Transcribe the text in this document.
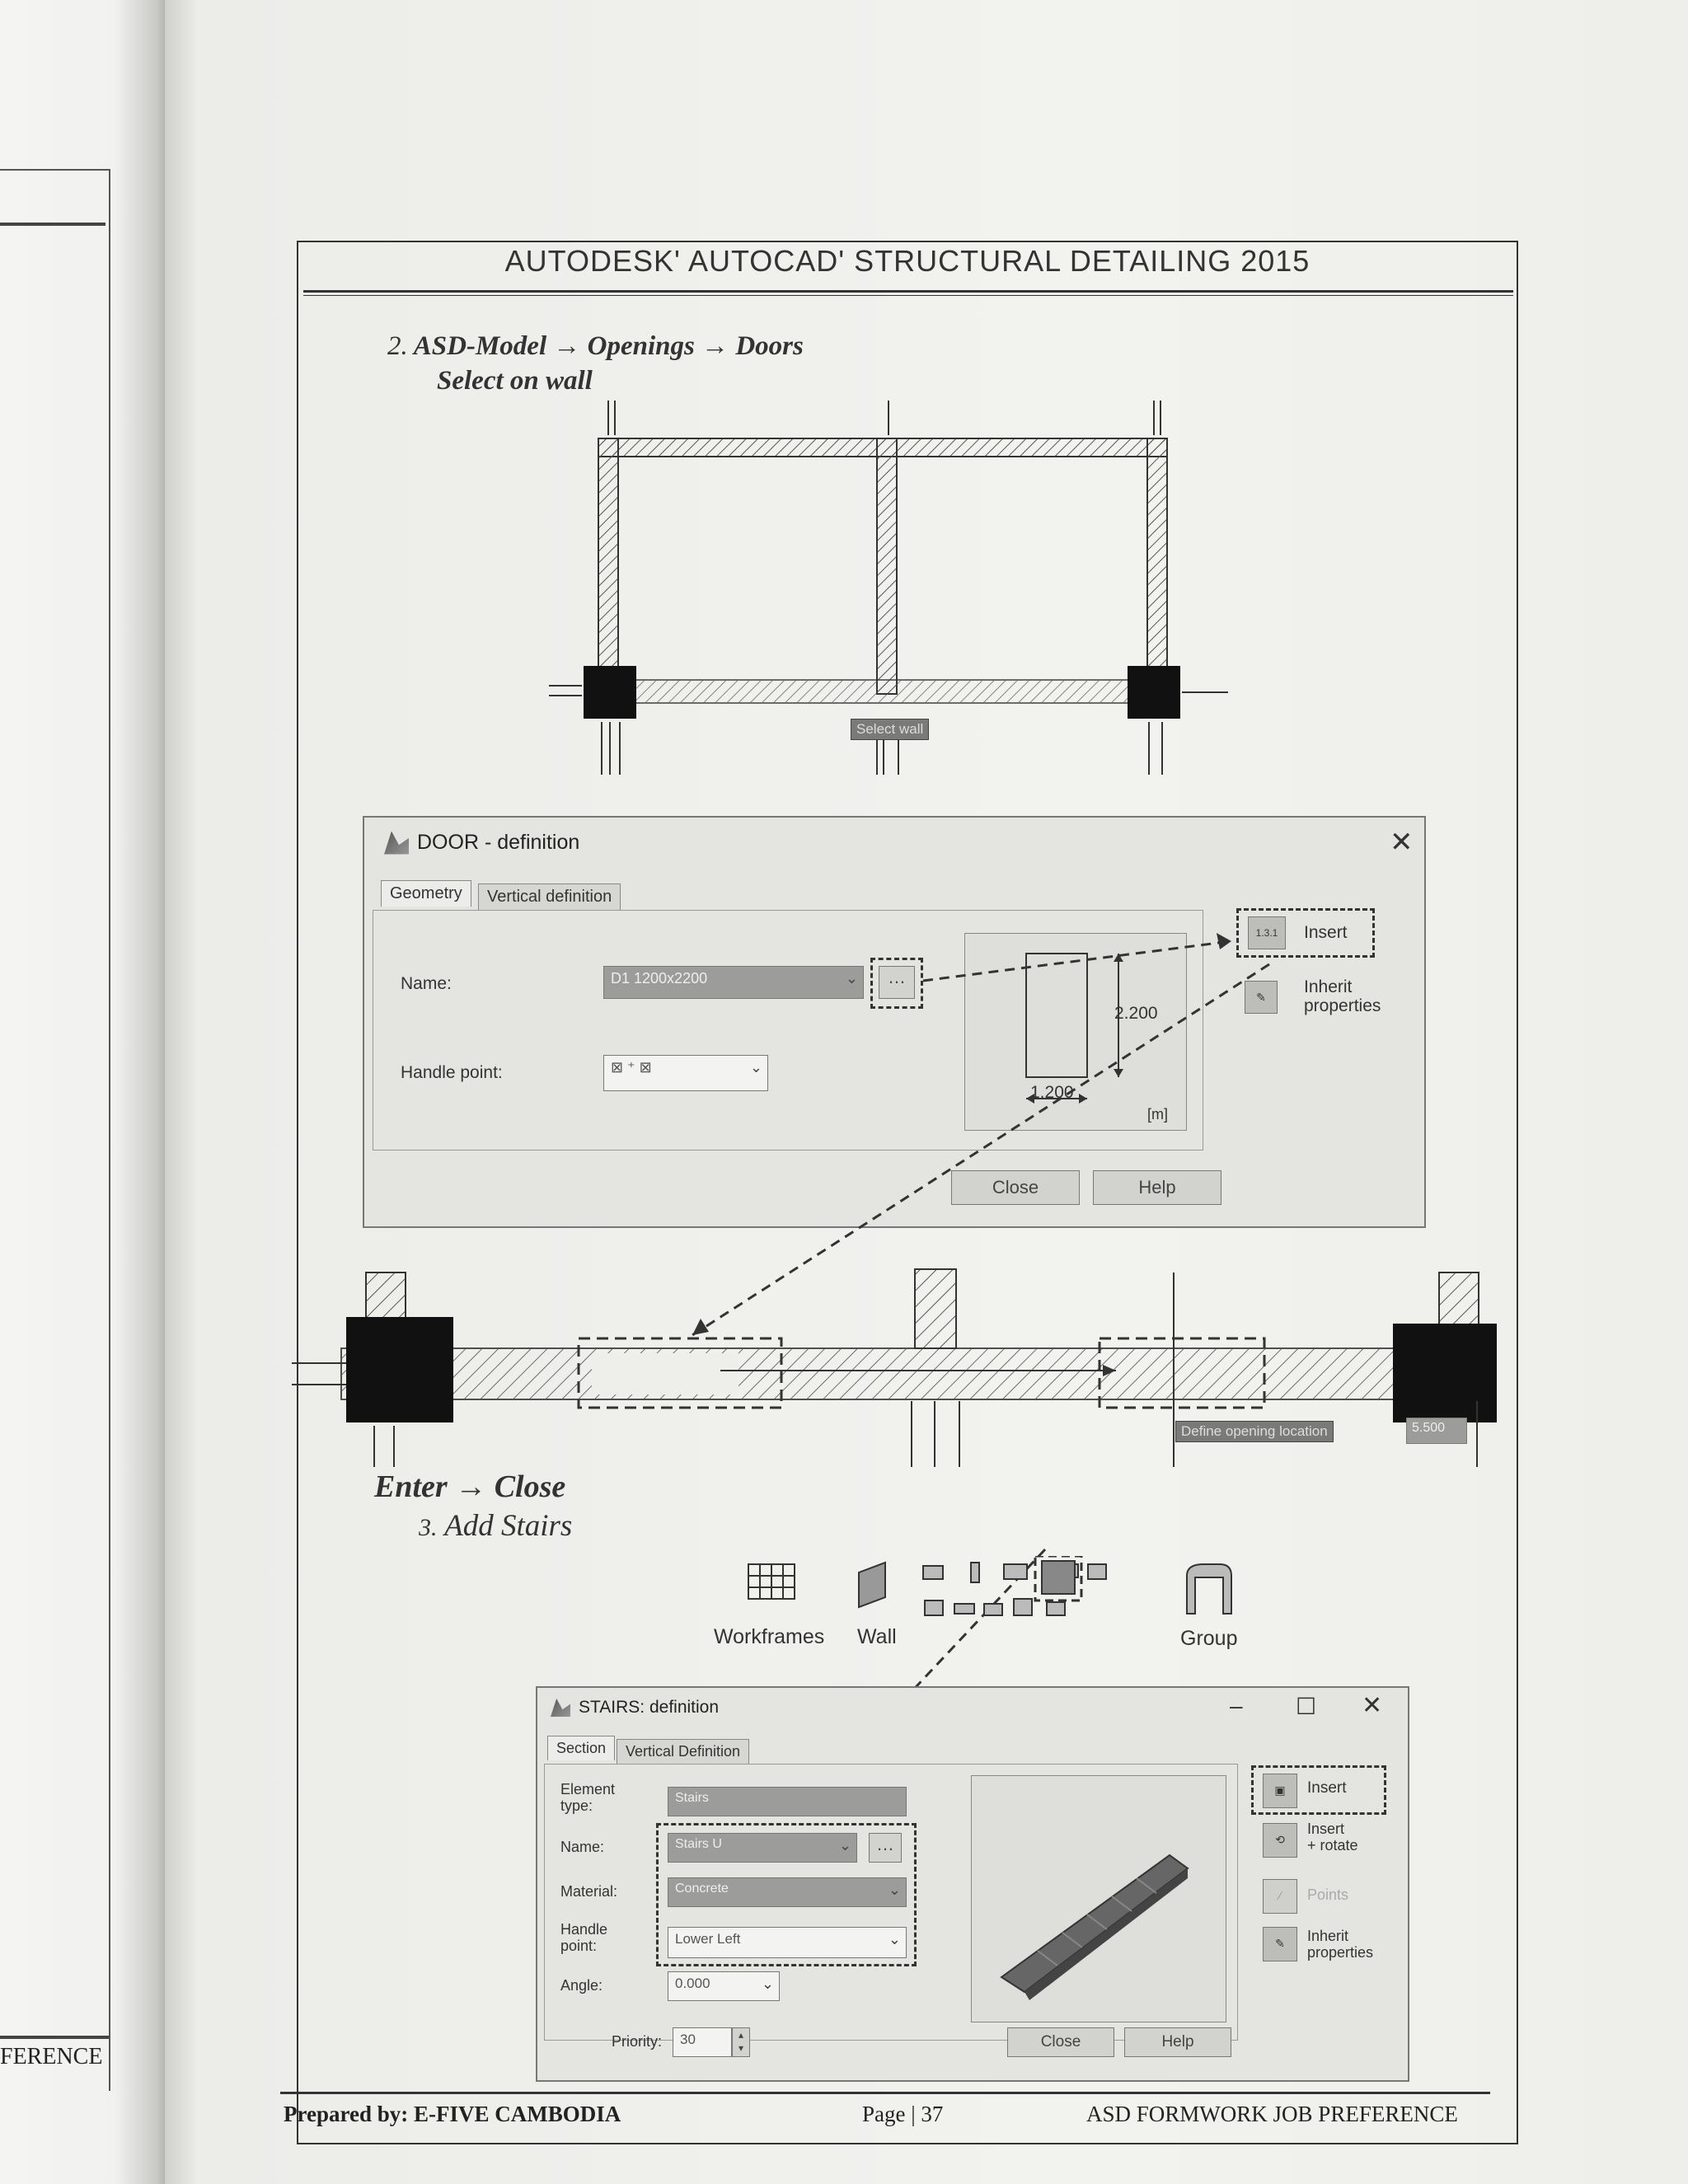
FERENCE
AUTODESK' AUTOCAD' STRUCTURAL DETAILING 2015
2. ASD-Model → Openings → Doors
Select on wall
Select wall
DOOR - definition	✕
Geometry	Vertical definition
Name:	D1 1200x2200	⌄	…
Handle point:	⊠ ⁺ ⊠	⌄
2.200
1.200
[m]
1.3.1	Insert
✎
Inherit
properties
Close	Help
Define opening location	5.500
Enter → Close
3. Add Stairs
Workframes Wall	Group
STAIRS: definition	– ☐ ✕
Section	Vertical Definition
Element
type:	Stairs
Name:	Stairs U	⌄	…
Material:	Concrete	⌄
Handle
point:	Lower Left	⌄
Angle:	0.000	⌄
▣	Insert
⟲
Insert
+ rotate
⁄	Points
✎	Inherit
properties
Priority:	30	▴
▾	Close	Help
Prepared by: E-FIVE CAMBODIA	Page | 37	ASD FORMWORK JOB PREFERENCE
